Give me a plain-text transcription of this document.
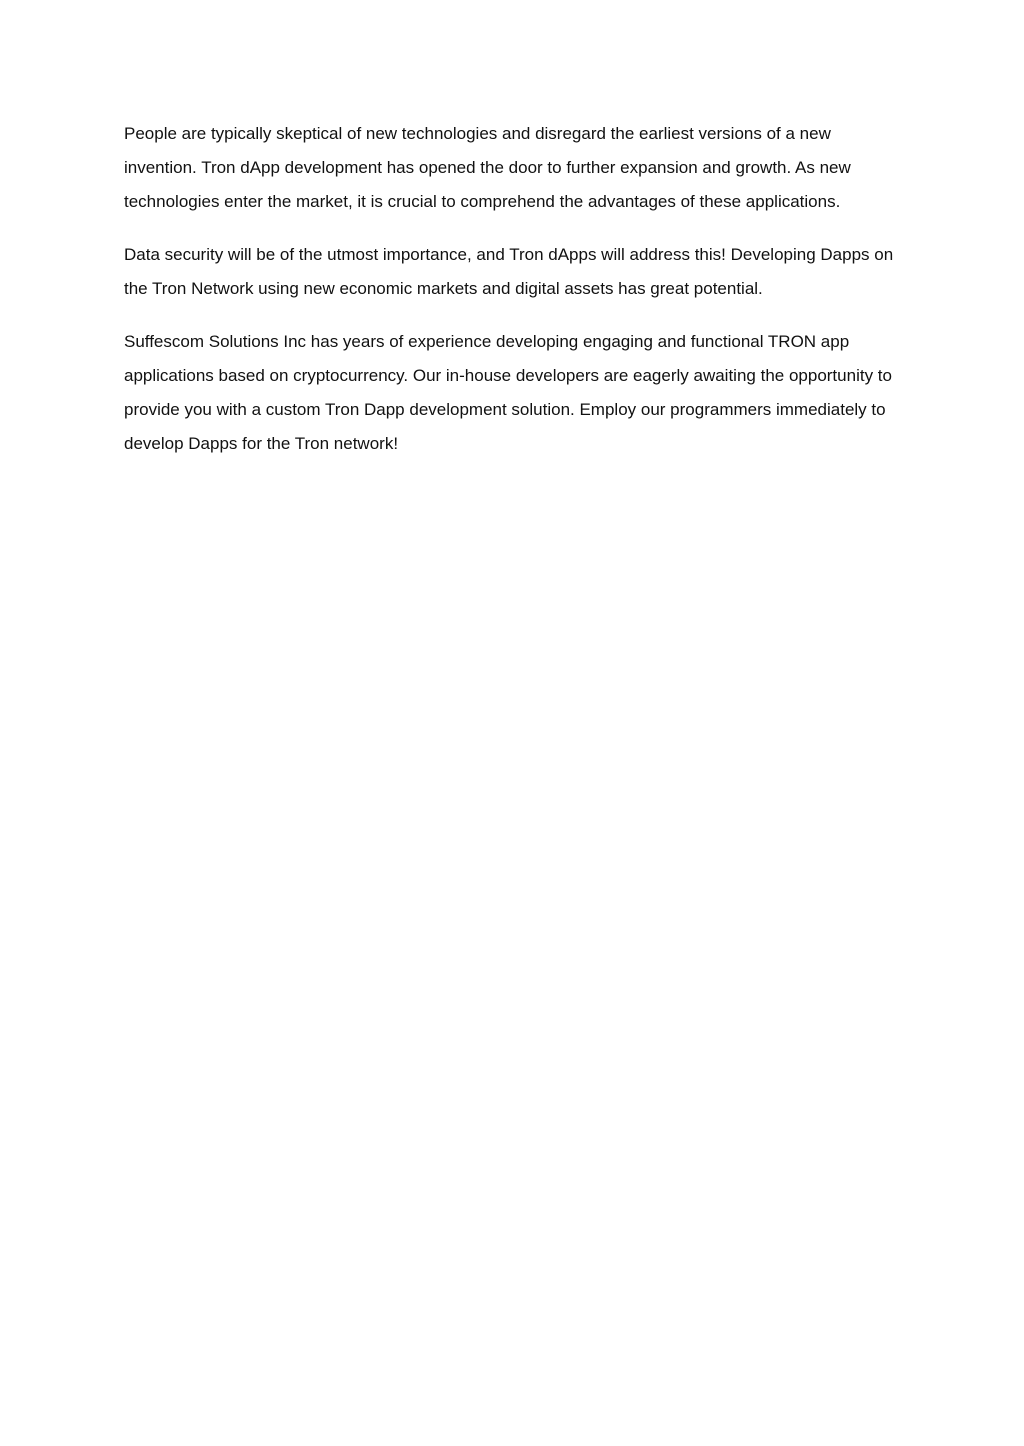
People are typically skeptical of new technologies and disregard the earliest versions of a new invention. Tron dApp development has opened the door to further expansion and growth. As new technologies enter the market, it is crucial to comprehend the advantages of these applications.

Data security will be of the utmost importance, and Tron dApps will address this! Developing Dapps on the Tron Network using new economic markets and digital assets has great potential.

Suffescom Solutions Inc has years of experience developing engaging and functional TRON app applications based on cryptocurrency. Our in-house developers are eagerly awaiting the opportunity to provide you with a custom Tron Dapp development solution. Employ our programmers immediately to develop Dapps for the Tron network!
